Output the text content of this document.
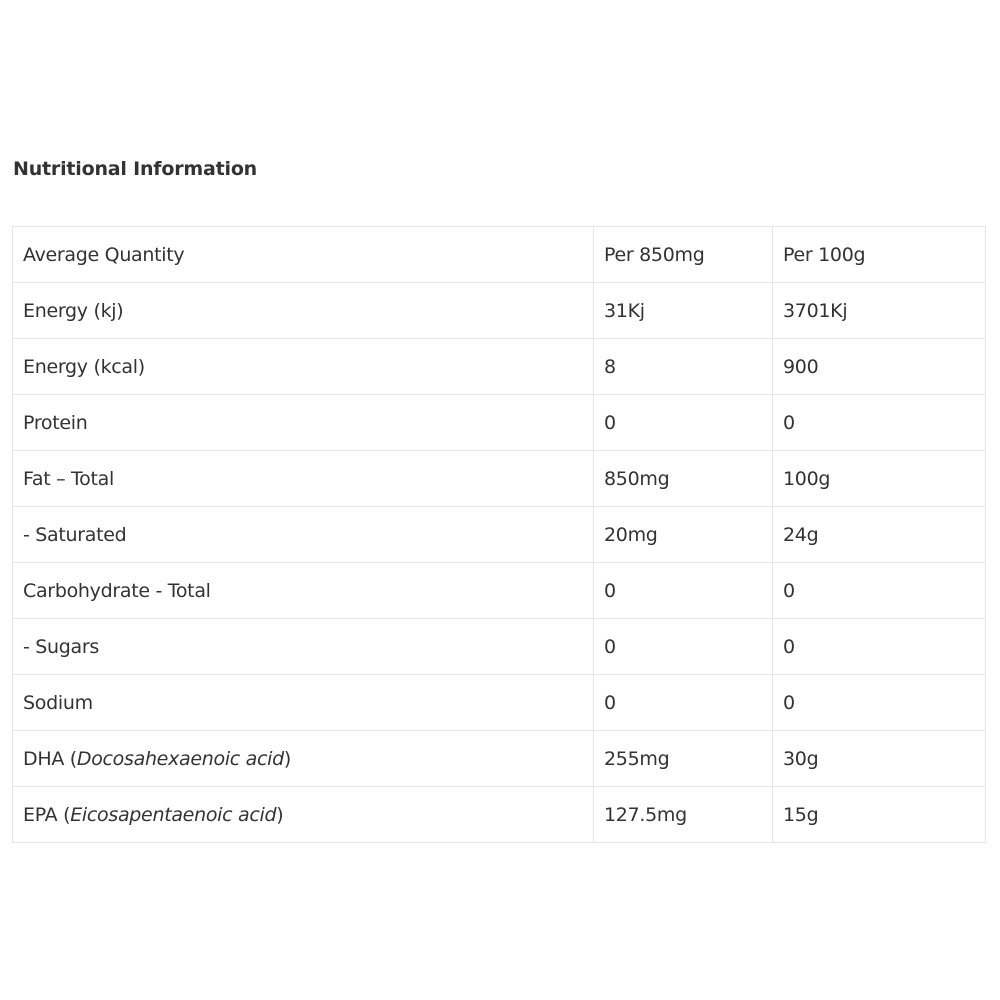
Nutritional Information
Average Quantity	Per 850mg	Per 100g
Energy (kj)	31Kj	3701Kj
Energy (kcal)	8	900
Protein	0	0
Fat – Total	850mg	100g
- Saturated	20mg	24g
Carbohydrate - Total	0	0
- Sugars	0	0
Sodium	0	0
DHA (Docosahexaenoic acid)	255mg	30g
EPA (Eicosapentaenoic acid)	127.5mg	15g
